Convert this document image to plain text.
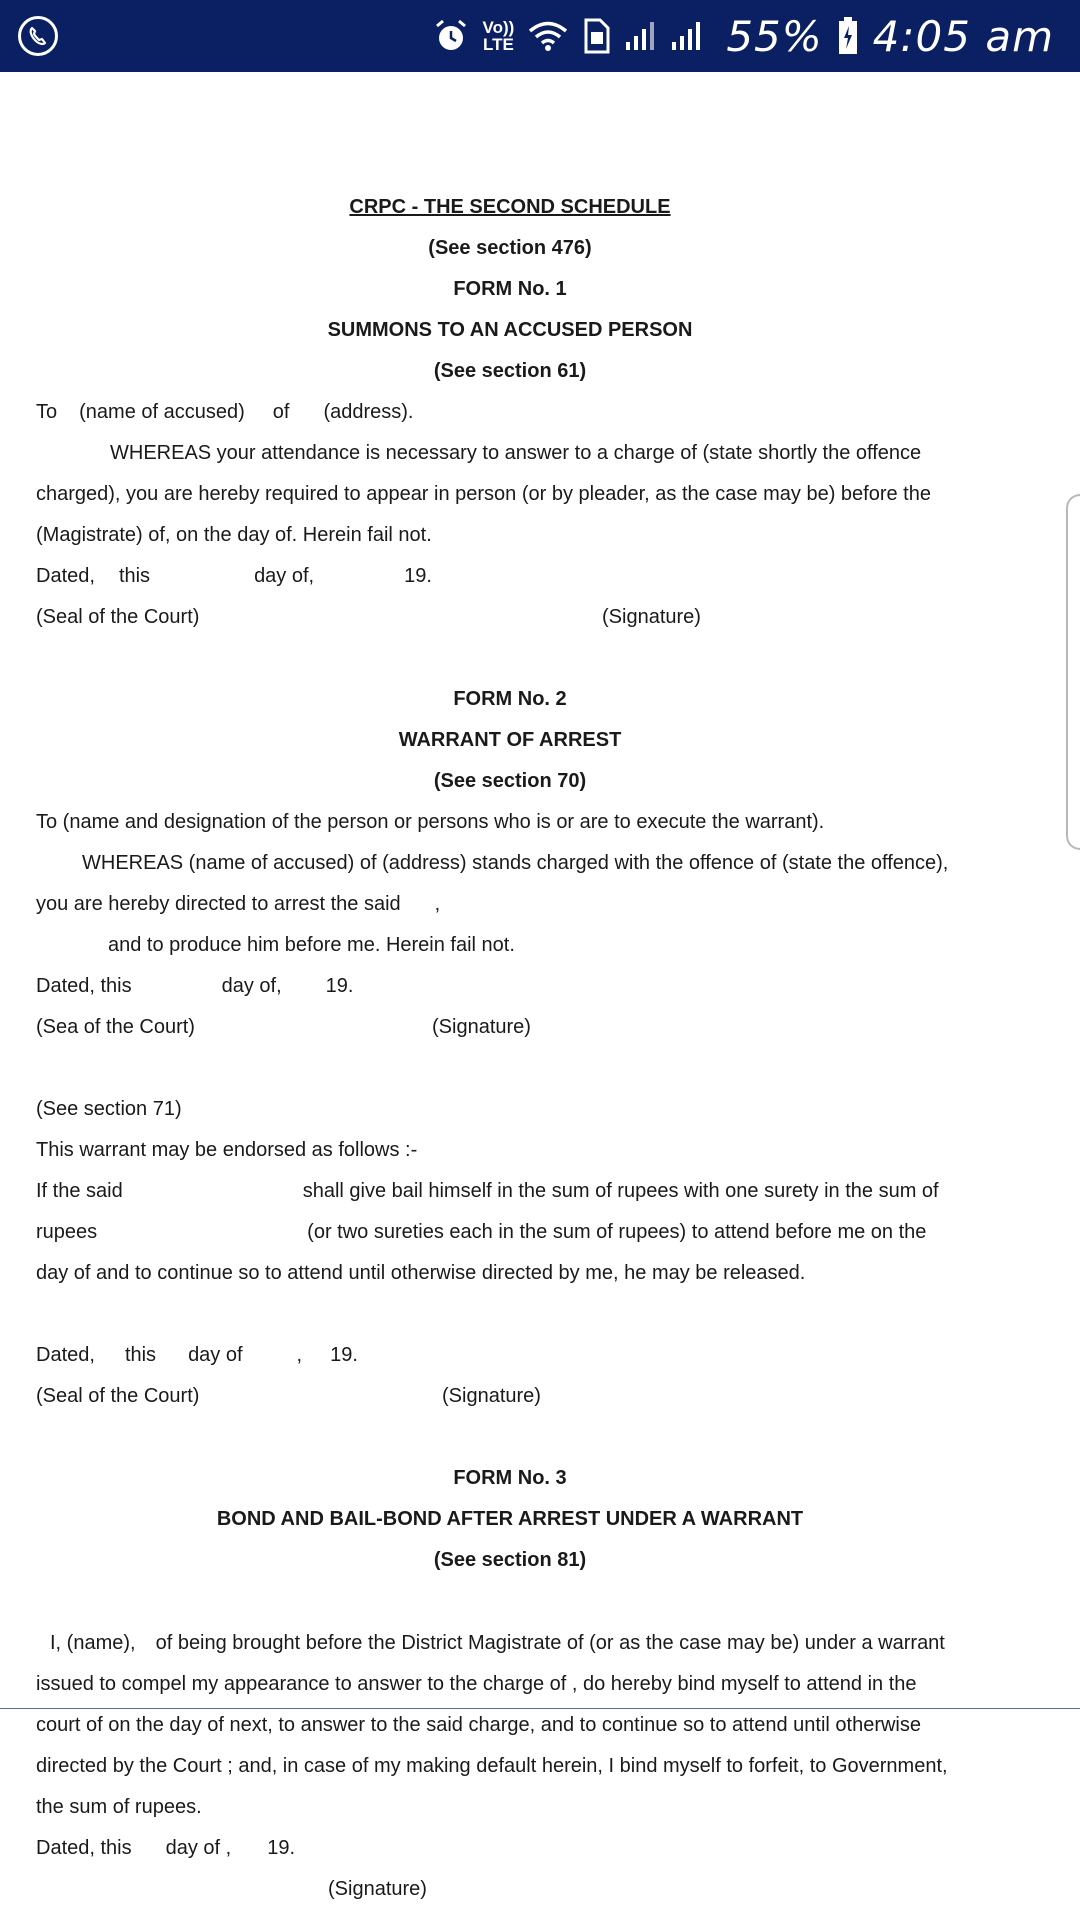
Vo))
LTE	55% 4:05 am
CRPC - THE SECOND SCHEDULE
(See section 476)
FORM No. 1
SUMMONS TO AN ACCUSED PERSON
(See section 61)
To (name of accused) of (address).
WHEREAS your attendance is necessary to answer to a charge of (state shortly the offence
charged), you are hereby required to appear in person (or by pleader, as the case may be) before the
(Magistrate) of, on the day of. Herein fail not.
Dated, this	day of,	19.
(Seal of the Court)	(Signature)
FORM No. 2
WARRANT OF ARREST
(See section 70)
To (name and designation of the person or persons who is or are to execute the warrant).
WHEREAS (name of accused) of (address) stands charged with the offence of (state the offence),
you are hereby directed to arrest the said ,
and to produce him before me. Herein fail not.
Dated, this	day of, 19.
(Sea of the Court)	(Signature)
(See section 71)
This warrant may be endorsed as follows :-
If the said	shall give bail himself in the sum of rupees with one surety in the sum of
rupees	(or two sureties each in the sum of rupees) to attend before me on the
day of and to continue so to attend until otherwise directed by me, he may be released.
Dated, this day of	, 19.
(Seal of the Court)	(Signature)
FORM No. 3
BOND AND BAIL-BOND AFTER ARREST UNDER A WARRANT
(See section 81)
I, (name), of being brought before the District Magistrate of (or as the case may be) under a warrant
issued to compel my appearance to answer to the charge of , do hereby bind myself to attend in the
court of on the day of next, to answer to the said charge, and to continue so to attend until otherwise
directed by the Court ; and, in case of my making default herein, I bind myself to forfeit, to Government,
the sum of rupees.
Dated, this day of , 19.
(Signature)
